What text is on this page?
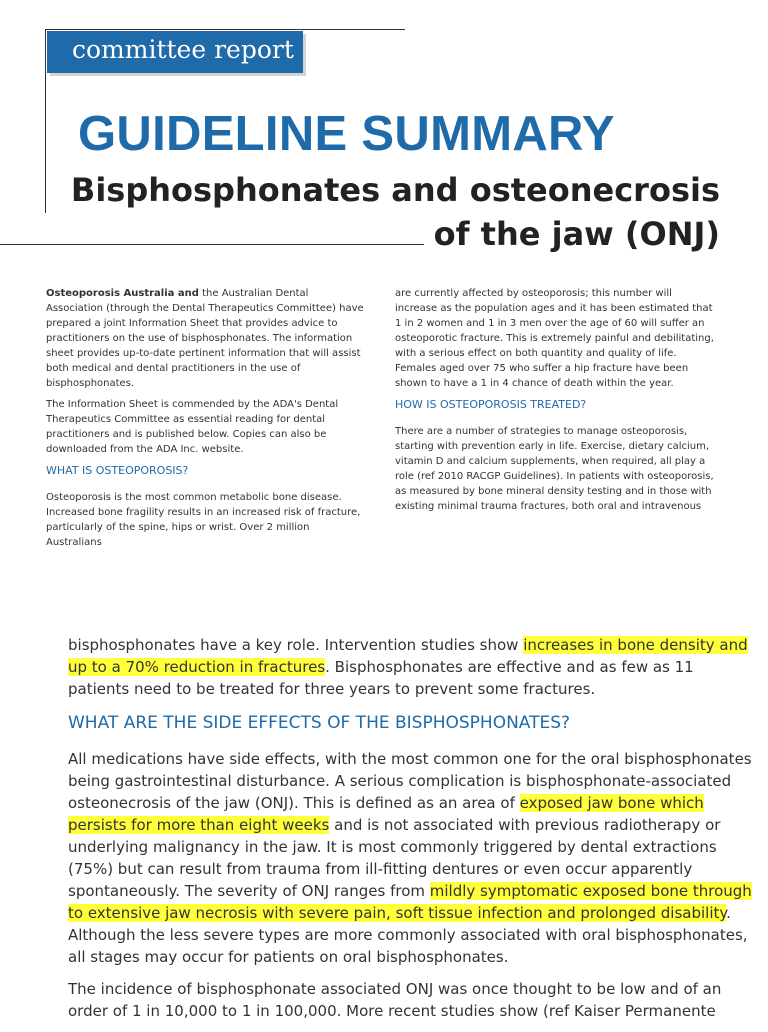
committee report
GUIDELINE SUMMARY
Bisphosphonates and osteonecrosis
of the jaw (ONJ)

Osteoporosis Australia and the Australian Dental Association (through the Dental Therapeutics Committee) have prepared a joint Information Sheet that provides advice to practitioners on the use of bisphosphonates. The information sheet provides up-to-date pertinent information that will assist both medical and dental practitioners in the use of bisphosphonates.

The Information Sheet is commended by the ADA's Dental Therapeutics Committee as essential reading for dental practitioners and is published below. Copies can also be downloaded from the ADA Inc. website.

WHAT IS OSTEOPOROSIS?

Osteoporosis is the most common metabolic bone disease. Increased bone fragility results in an increased risk of fracture, particularly of the spine, hips or wrist. Over 2 million Australians

are currently affected by osteoporosis; this number will increase as the population ages and it has been estimated that 1 in 2 women and 1 in 3 men over the age of 60 will suffer an osteoporotic fracture. This is extremely painful and debilitating, with a serious effect on both quantity and quality of life. Females aged over 75 who suffer a hip fracture have been shown to have a 1 in 4 chance of death within the year.

HOW IS OSTEOPOROSIS TREATED?

There are a number of strategies to manage osteoporosis, starting with prevention early in life. Exercise, dietary calcium, vitamin D and calcium supplements, when required, all play a role (ref 2010 RACGP Guidelines). In patients with osteoporosis, as measured by bone mineral density testing and in those with existing minimal trauma fractures, both oral and intravenous

bisphosphonates have a key role. Intervention studies show increases in bone density and up to a 70% reduction in fractures. Bisphosphonates are effective and as few as 11 patients need to be treated for three years to prevent some fractures.

WHAT ARE THE SIDE EFFECTS OF THE BISPHOSPHONATES?

All medications have side effects, with the most common one for the oral bisphosphonates being gastrointestinal disturbance. A serious complication is bisphosphonate-associated osteonecrosis of the jaw (ONJ). This is defined as an area of exposed jaw bone which persists for more than eight weeks and is not associated with previous radiotherapy or underlying malignancy in the jaw. It is most commonly triggered by dental extractions (75%) but can result from trauma from ill-fitting dentures or even occur apparently spontaneously. The severity of ONJ ranges from mildly symptomatic exposed bone through to extensive jaw necrosis with severe pain, soft tissue infection and prolonged disability. Although the less severe types are more commonly associated with oral bisphosphonates, all stages may occur for patients on oral bisphosphonates.

The incidence of bisphosphonate associated ONJ was once thought to be low and of an order of 1 in 10,000 to 1 in 100,000. More recent studies show (ref Kaiser Permanente
